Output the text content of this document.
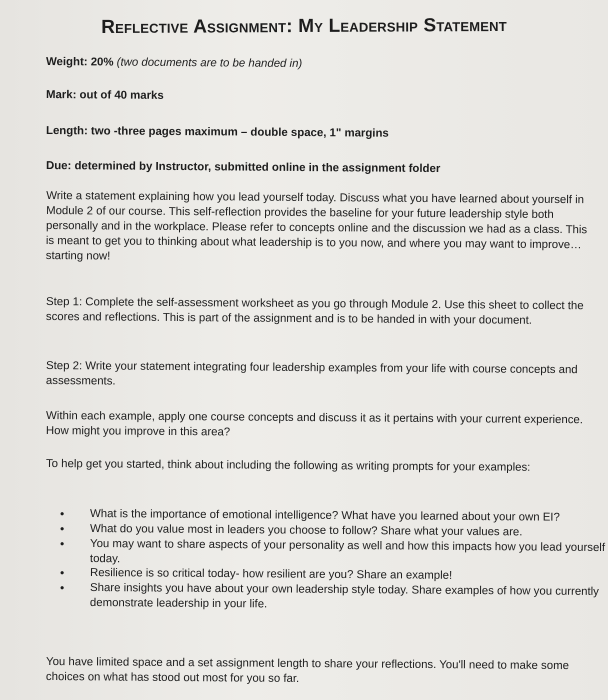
Reflective Assignment: My Leadership Statement
Weight: 20% (two documents are to be handed in)
Mark: out of 40 marks
Length: two -three pages maximum – double space, 1" margins
Due: determined by Instructor, submitted online in the assignment folder

Write a statement explaining how you lead yourself today. Discuss what you have learned about yourself in Module 2 of our course. This self-reflection provides the baseline for your future leadership style both personally and in the workplace. Please refer to concepts online and the discussion we had as a class. This is meant to get you to thinking about what leadership is to you now, and where you may want to improve…starting now!

Step 1: Complete the self-assessment worksheet as you go through Module 2. Use this sheet to collect the scores and reflections. This is part of the assignment and is to be handed in with your document.

Step 2: Write your statement integrating four leadership examples from your life with course concepts and assessments.

Within each example, apply one course concepts and discuss it as it pertains with your current experience. How might you improve in this area?

To help get you started, think about including the following as writing prompts for your examples:

• What is the importance of emotional intelligence? What have you learned about your own EI?
• What do you value most in leaders you choose to follow? Share what your values are.
• You may want to share aspects of your personality as well and how this impacts how you lead yourself today.
• Resilience is so critical today- how resilient are you? Share an example!
• Share insights you have about your own leadership style today. Share examples of how you currently demonstrate leadership in your life.

You have limited space and a set assignment length to share your reflections. You'll need to make some choices on what has stood out most for you so far.
